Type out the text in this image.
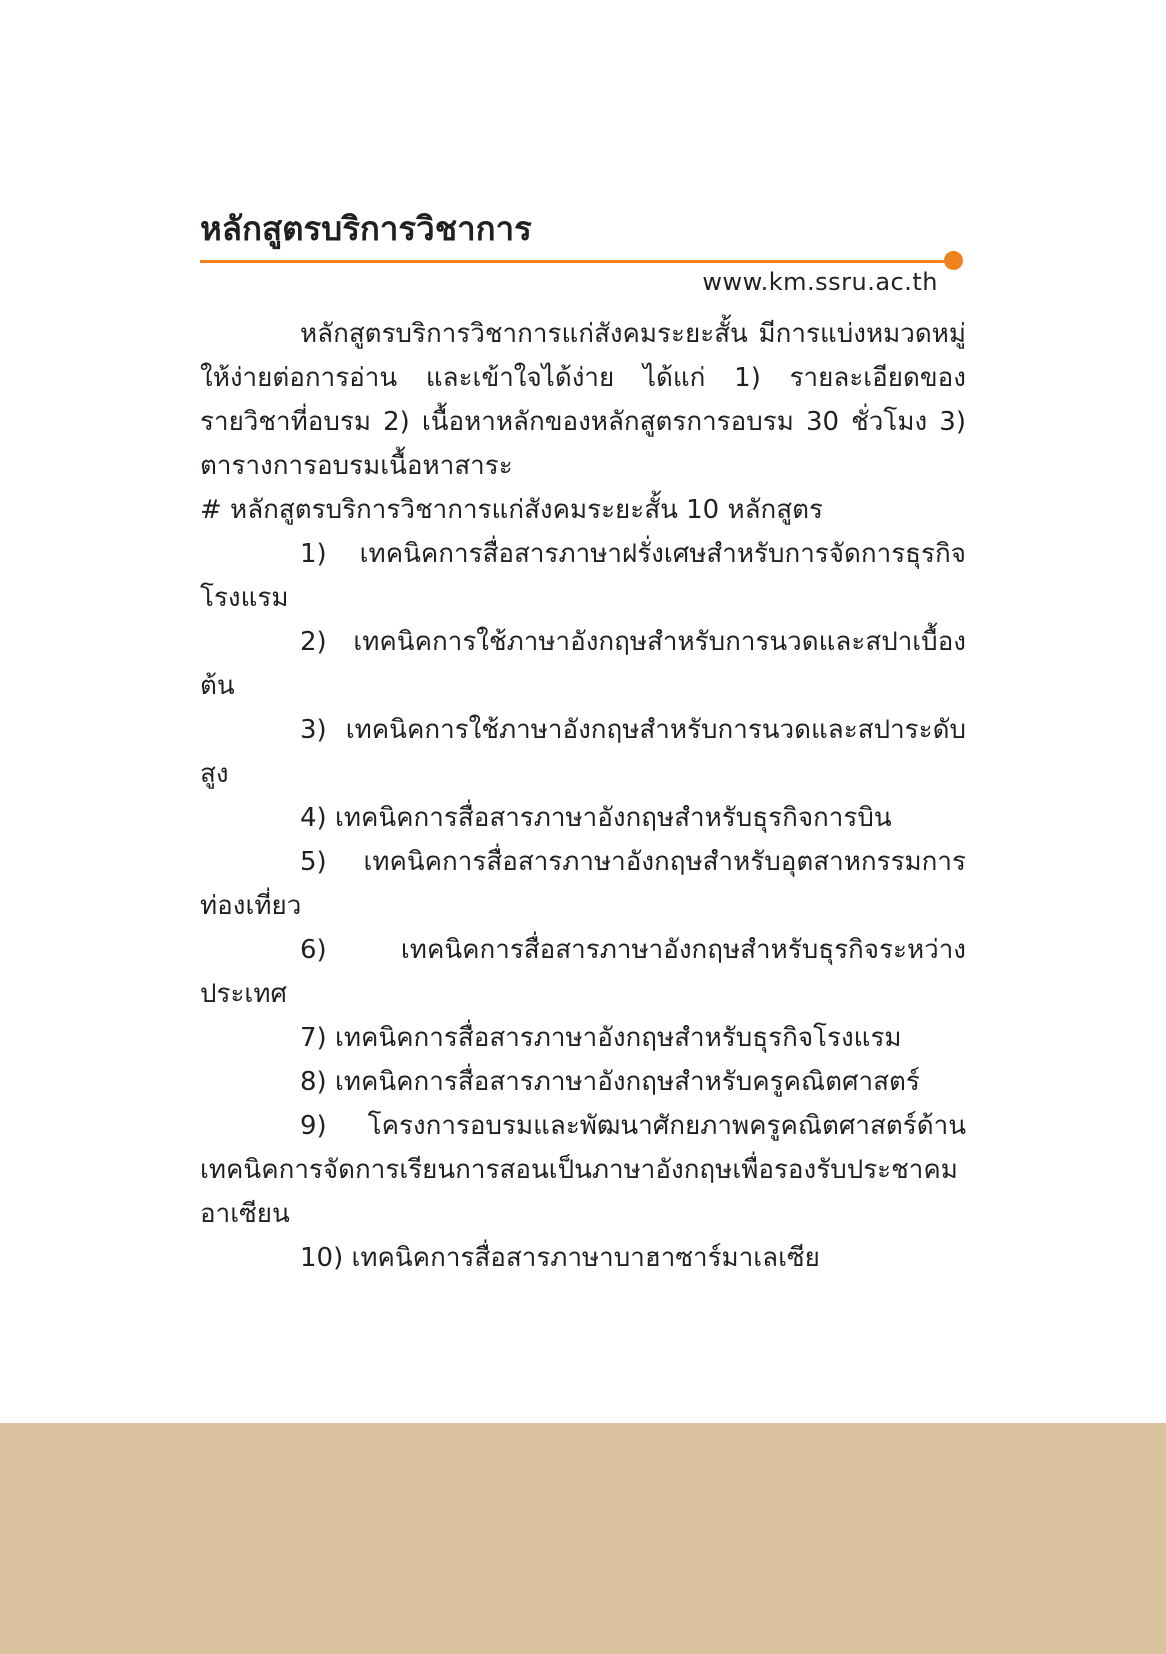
หลักสูตรบริการวิชาการ
www.km.ssru.ac.th

หลักสูตรบริการวิชาการแก่สังคมระยะสั้น มีการแบ่งหมวดหมู่ให้ง่ายต่อการอ่าน และเข้าใจได้ง่าย ได้แก่ 1) รายละเอียดของรายวิชาที่อบรม 2) เนื้อหาหลักของหลักสูตรการอบรม 30 ชั่วโมง 3) ตารางการอบรมเนื้อหาสาระ

# หลักสูตรบริการวิชาการแก่สังคมระยะสั้น 10 หลักสูตร

1) เทคนิคการสื่อสารภาษาฝรั่งเศษสำหรับการจัดการธุรกิจโรงแรม

2) เทคนิคการใช้ภาษาอังกฤษสำหรับการนวดและสปาเบื้องต้น

3) เทคนิคการใช้ภาษาอังกฤษสำหรับการนวดและสปาระดับสูง

4) เทคนิคการสื่อสารภาษาอังกฤษสำหรับธุรกิจการบิน

5) เทคนิคการสื่อสารภาษาอังกฤษสำหรับอุตสาหกรรมการท่องเที่ยว

6) เทคนิคการสื่อสารภาษาอังกฤษสำหรับธุรกิจระหว่างประเทศ

7) เทคนิคการสื่อสารภาษาอังกฤษสำหรับธุรกิจโรงแรม

8) เทคนิคการสื่อสารภาษาอังกฤษสำหรับครูคณิตศาสตร์

9) โครงการอบรมและพัฒนาศักยภาพครูคณิตศาสตร์ด้านเทคนิคการจัดการเรียนการสอนเป็นภาษาอังกฤษเพื่อรองรับประชาคมอาเซียน

10) เทคนิคการสื่อสารภาษาบาฮาซาร์มาเลเซีย
